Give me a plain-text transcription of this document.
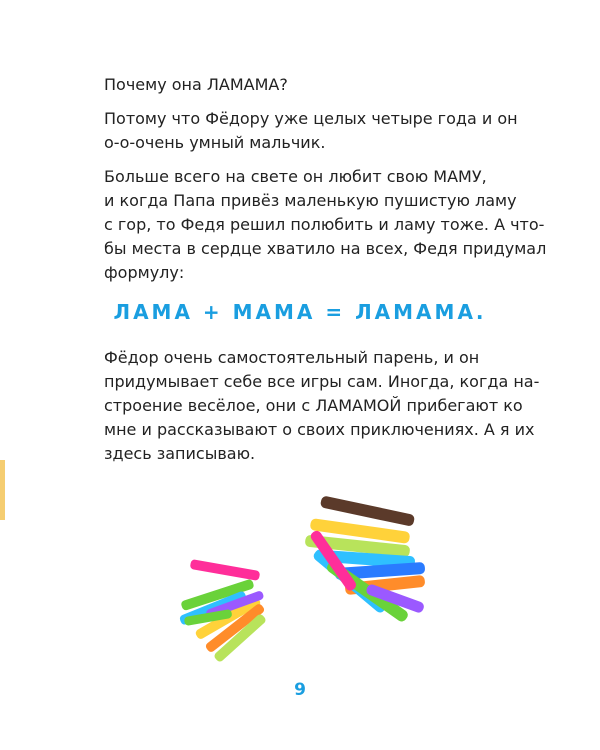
Почему она ЛАМАМА?

Потому что Фёдору уже целых четыре года и он
о-о-очень умный мальчик.

Больше всего на свете он любит свою МАМУ,
и когда Папа привёз маленькую пушистую ламу
с гор, то Федя решил полюбить и ламу тоже. А что-
бы места в сердце хватило на всех, Федя придумал
формулу:

ЛАМА + МАМА = ЛАМАМА.
Фёдор очень самостоятельный парень, и он
придумывает себе все игры сам. Иногда, когда на-
строение весёлое, они с ЛАМАМОЙ прибегают ко
мне и рассказывают о своих приключениях. А я их
здесь записываю.
9
